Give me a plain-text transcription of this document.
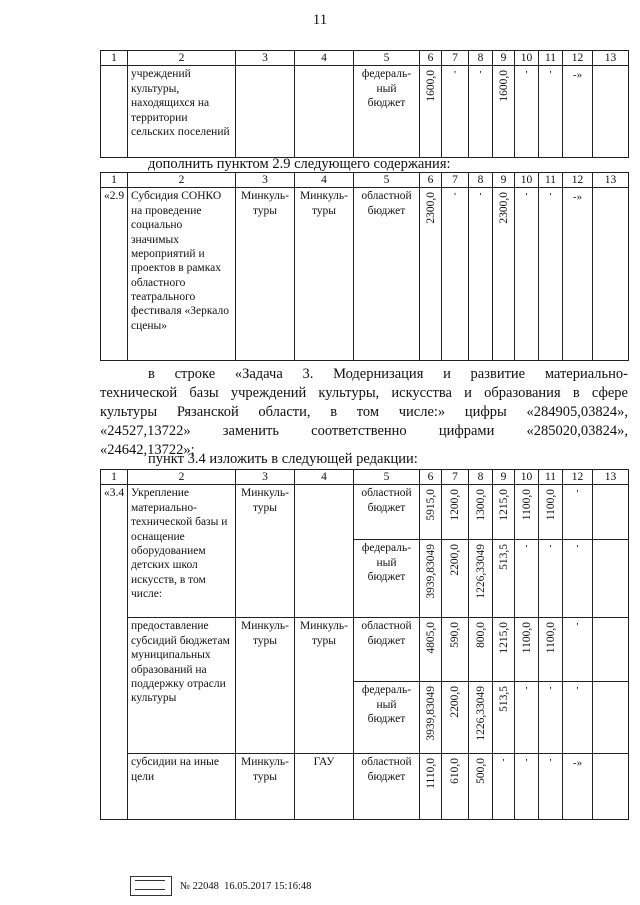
11
1	2	3	4	5	6	7	8	9	10	11	12	13
	учреждений культуры, находящихся на территории сельских поселений			федераль-ный бюджет	1600,0	'	'	1600,0	'	'	-»	

дополнить пунктом 2.9 следующего содержания:
1	2	3	4	5	6	7	8	9	10	11	12	13
«2.9	Субсидия СОНКО на проведение социально значимых мероприятий и проектов в рамках областного театрального фестиваля «Зеркало сцены»	Минкуль-туры	Минкуль-туры	областной бюджет	2300,0	'	'	2300,0	'	'	-»	

в строке «Задача 3. Модернизация и развитие материально-
технической базы учреждений культуры, искусства и образования в сфере
культуры Рязанской области, в том числе:» цифры «284905,03824»,
«24527,13722» заменить соответственно цифрами «285020,03824»,
«24642,13722»;
пункт 3.4 изложить в следующей редакции:
1	2	3	4	5	6	7	8	9	10	11	12	13
«3.4	Укрепление материально-технической базы и оснащение оборудованием детских школ искусств, в том числе:	Минкуль-туры		областной бюджет	5915,0	1200,0	1300,0	1215,0	1100,0	1100,0	'	

				федераль-ный бюджет	3939,83049	2200,0	1226,33049	513,5	'	'	'	

	предоставление субсидий бюджетам муниципальных образований на поддержку отрасли культуры	Минкуль-туры	Минкуль-туры	областной бюджет	4805,0	590,0	800,0	1215,0	1100,0	1100,0	'	

				федераль-ный бюджет	3939,83049	2200,0	1226,33049	513,5	'	'	'	

	субсидии на иные цели	Минкуль-туры	ГАУ	областной бюджет	1110,0	610,0	500,0	'	'	'	-»	

№
22048
16.05.2017 15:16:48
